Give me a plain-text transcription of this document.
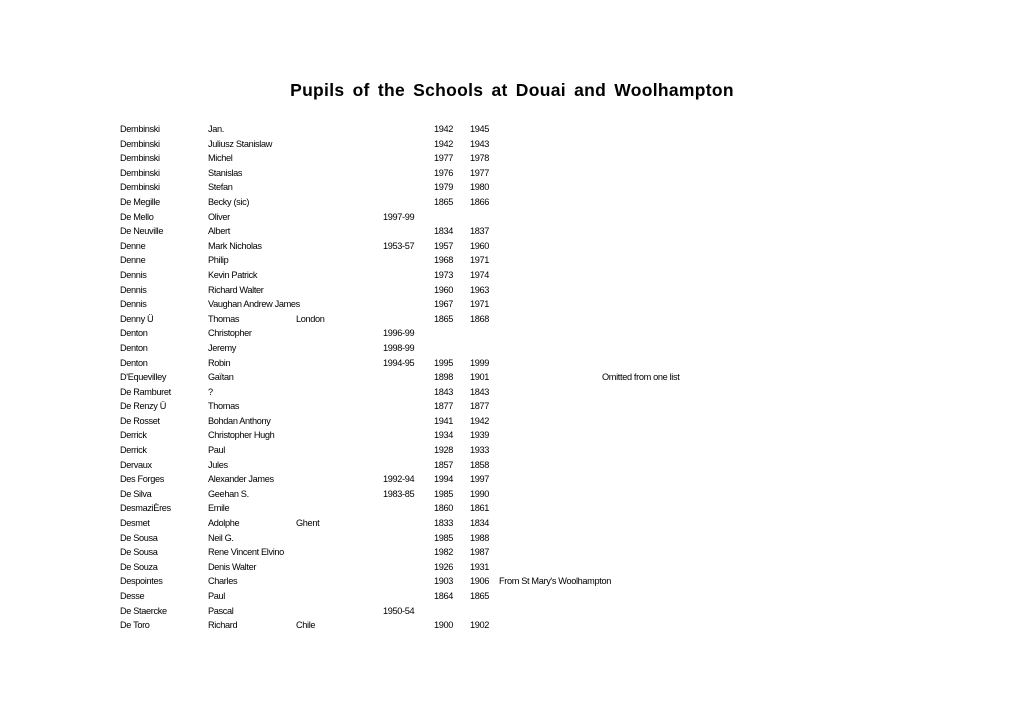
Pupils of the Schools at Douai and Woolhampton
Dembinski	Jan.	1942 1945
Dembinski	Juliusz Stanislaw	1942 1943
Dembinski	Michel	1977 1978
Dembinski	Stanislas	1976 1977
Dembinski	Stefan	1979 1980
De Megille	Becky (sic)	1865 1866
De Mello	Oliver	1997-99
De Neuville	Albert	1834 1837
Denne	Mark Nicholas	1953-57 1957 1960
Denne	Philip	1968 1971
Dennis	Kevin Patrick	1973 1974
Dennis	Richard Walter	1960 1963
Dennis	Vaughan Andrew James	1967 1971
Denny Ü	Thomas	London	1865 1868
Denton	Christopher	1996-99
Denton	Jeremy	1998-99
Denton	Robin	1994-95 1995 1999
D'Equevilley	Gaïtan	1898 1901	Omitted from one list
De Ramburet	?	1843 1843
De Renzy Ü	Thomas	1877 1877
De Rosset	Bohdan Anthony	1941 1942
Derrick	Christopher Hugh	1934 1939
Derrick	Paul	1928 1933
Dervaux	Jules	1857 1858
Des Forges	Alexander James	1992-94 1994 1997
De Silva	Geehan S.	1983-85 1985 1990
DesmaziÈres	Emile	1860 1861
Desmet	Adolphe	Ghent	1833 1834
De Sousa	Neil G.	1985 1988
De Sousa	Rene Vincent Elvino	1982 1987
De Souza	Denis Walter	1926 1931
Despointes	Charles	1903 1906 From St Mary's Woolhampton
Desse	Paul	1864 1865
De Staercke	Pascal	1950-54
De Toro	Richard	Chile	1900 1902
